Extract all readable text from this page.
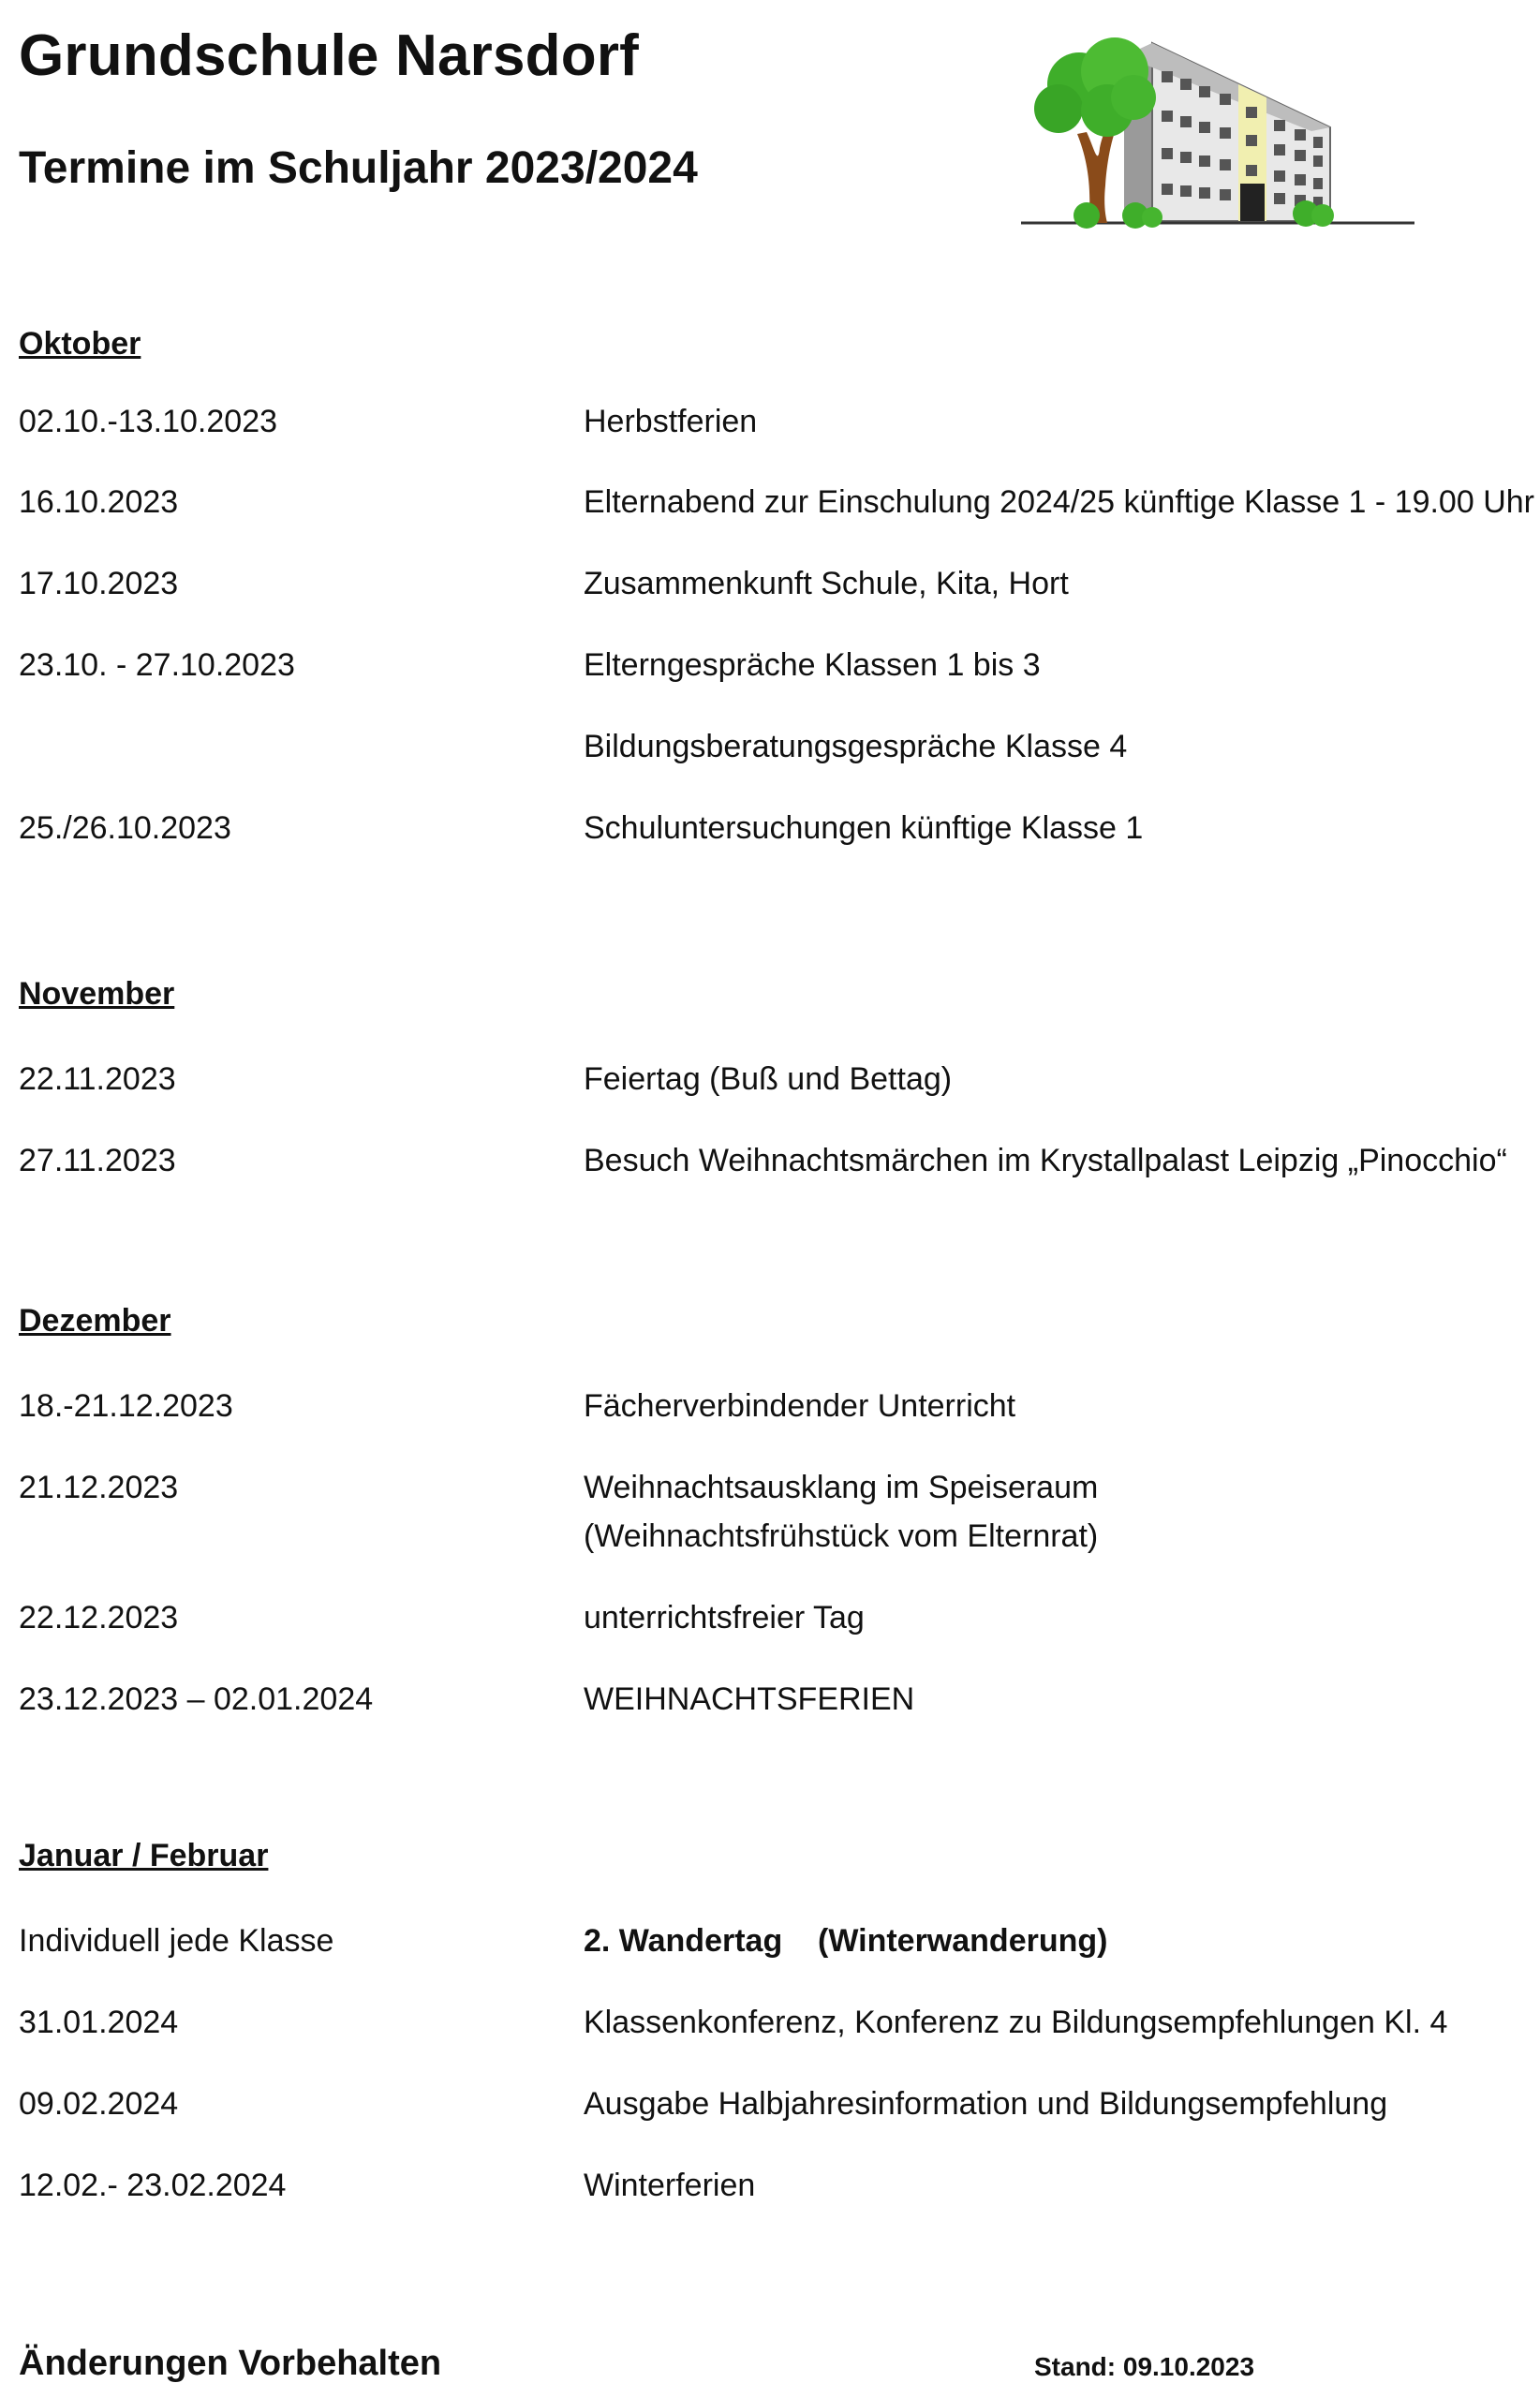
Grundschule Narsdorf
Termine im Schuljahr 2023/2024
Oktober
02.10.-13.10.2023	Herbstferien
16.10.2023	Elternabend zur Einschulung 2024/25 künftige Klasse 1 - 19.00 Uhr
17.10.2023	Zusammenkunft Schule, Kita, Hort
23.10. - 27.10.2023	Elterngespräche Klassen 1 bis 3
Bildungsberatungsgespräche Klasse 4
25./26.10.2023	Schuluntersuchungen künftige Klasse 1
November
22.11.2023	Feiertag (Buß und Bettag)
27.11.2023	Besuch Weihnachtsmärchen im Krystallpalast Leipzig „Pinocchio“
Dezember
18.-21.12.2023	Fächerverbindender Unterricht
21.12.2023	Weihnachtsausklang im Speiseraum
(Weihnachtsfrühstück vom Elternrat)
22.12.2023	unterrichtsfreier Tag
23.12.2023 – 02.01.2024	WEIHNACHTSFERIEN
Januar / Februar
Individuell jede Klasse	2. Wandertag    (Winterwanderung)
31.01.2024	Klassenkonferenz, Konferenz zu Bildungsempfehlungen Kl. 4
09.02.2024	Ausgabe Halbjahresinformation und Bildungsempfehlung
12.02.- 23.02.2024	Winterferien
Änderungen Vorbehalten	Stand: 09.10.2023
